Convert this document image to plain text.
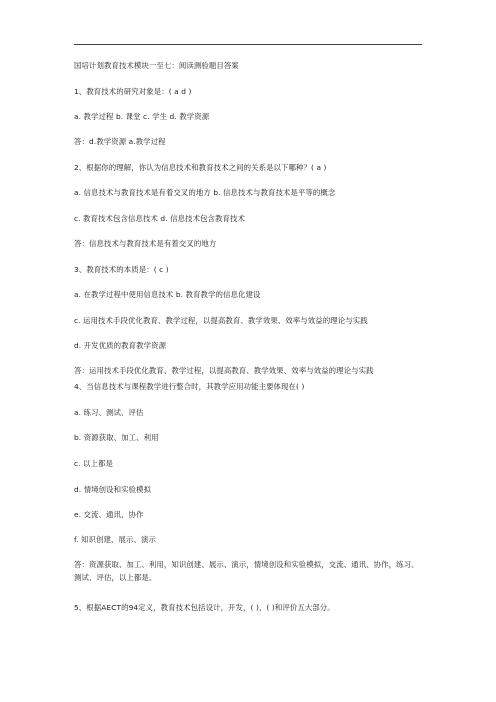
国培计划教育技术模块一至七：阅读测验题目答案
1、教育技术的研究对象是：( a d )
a. 教学过程 b. 课堂 c. 学生 d. 教学资源
答：d.教学资源 a.教学过程
2、根据你的理解，你认为信息技术和教育技术之间的关系是以下哪种？( a )
a. 信息技术与教育技术是有着交叉的地方 b. 信息技术与教育技术是平等的概念
c. 教育技术包含信息技术 d. 信息技术包含教育技术
答：信息技术与教育技术是有着交叉的地方
3、教育技术的本质是：( c )
a. 在教学过程中使用信息技术 b. 教育教学的信息化建设
c. 运用技术手段优化教育、教学过程，以提高教育、教学效果、效率与效益的理论与实践
d. 开发优质的教育教学资源
答：运用技术手段优化教育、教学过程，以提高教育、教学效果、效率与效益的理论与实践
4、当信息技术与课程教学进行整合时，其教学应用功能主要体现在( )
a. 练习、测试、评估
b. 资源获取、加工、利用
c. 以上都是
d. 情境创设和实验模拟
e. 交流、通讯、协作
f. 知识创建、展示、演示
答：资源获取、加工、利用，知识创建、展示、演示，情境创设和实验模拟，交流、通讯、协作，练习、测试、评估，以上都是。
5、根据AECT的94定义，教育技术包括设计，开发，( )，( )和评价五大部分。
